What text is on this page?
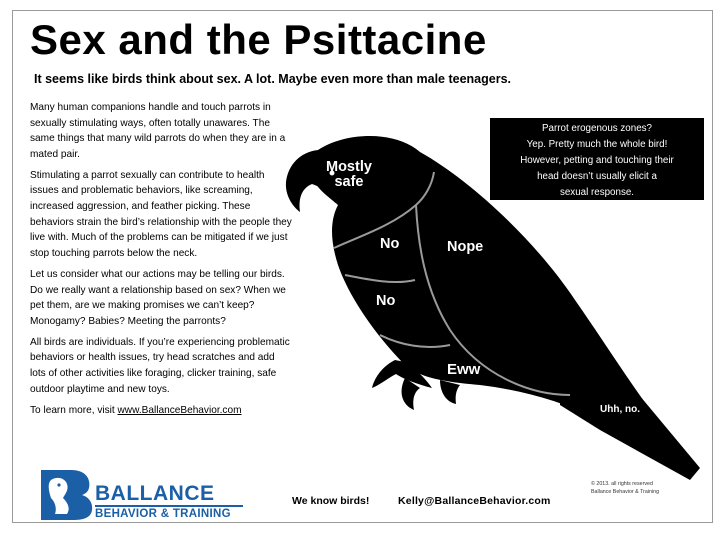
Sex and the Psittacine
It seems like birds think about sex. A lot. Maybe even more than male teenagers.

Many human companions handle and touch parrots in sexually stimulating ways, often totally unawares. The same things that many wild parrots do when they are in a mated pair.

Stimulating a parrot sexually can contribute to health issues and problematic behaviors, like screaming, increased aggression, and feather picking. These behaviors strain the bird’s relationship with the people they live with. Much of the problems can be mitigated if we just stop touching parrots below the neck.

Let us consider what our actions may be telling our birds. Do we really want a relationship based on sex? When we pet them, are we making promises we can’t keep? Monogamy? Babies? Meeting the parronts?

All birds are individuals. If you’re experiencing problematic behaviors or health issues, try head scratches and add lots of other activities like foraging, clicker training, safe outdoor playtime and new toys.

To learn more, visit www.BallanceBehavior.com

Parrot erogenous zones?
Yep. Pretty much the whole bird!
However, petting and touching their
head doesn’t usually elicit a
sexual response.
Mostly
safe
No	Nope
No
Eww
Uhh, no.
© 2013. all rights reserved
Ballance Behavior & Training
BALLANCE
BEHAVIOR & TRAINING
We know birds!	Kelly@BallanceBehavior.com
